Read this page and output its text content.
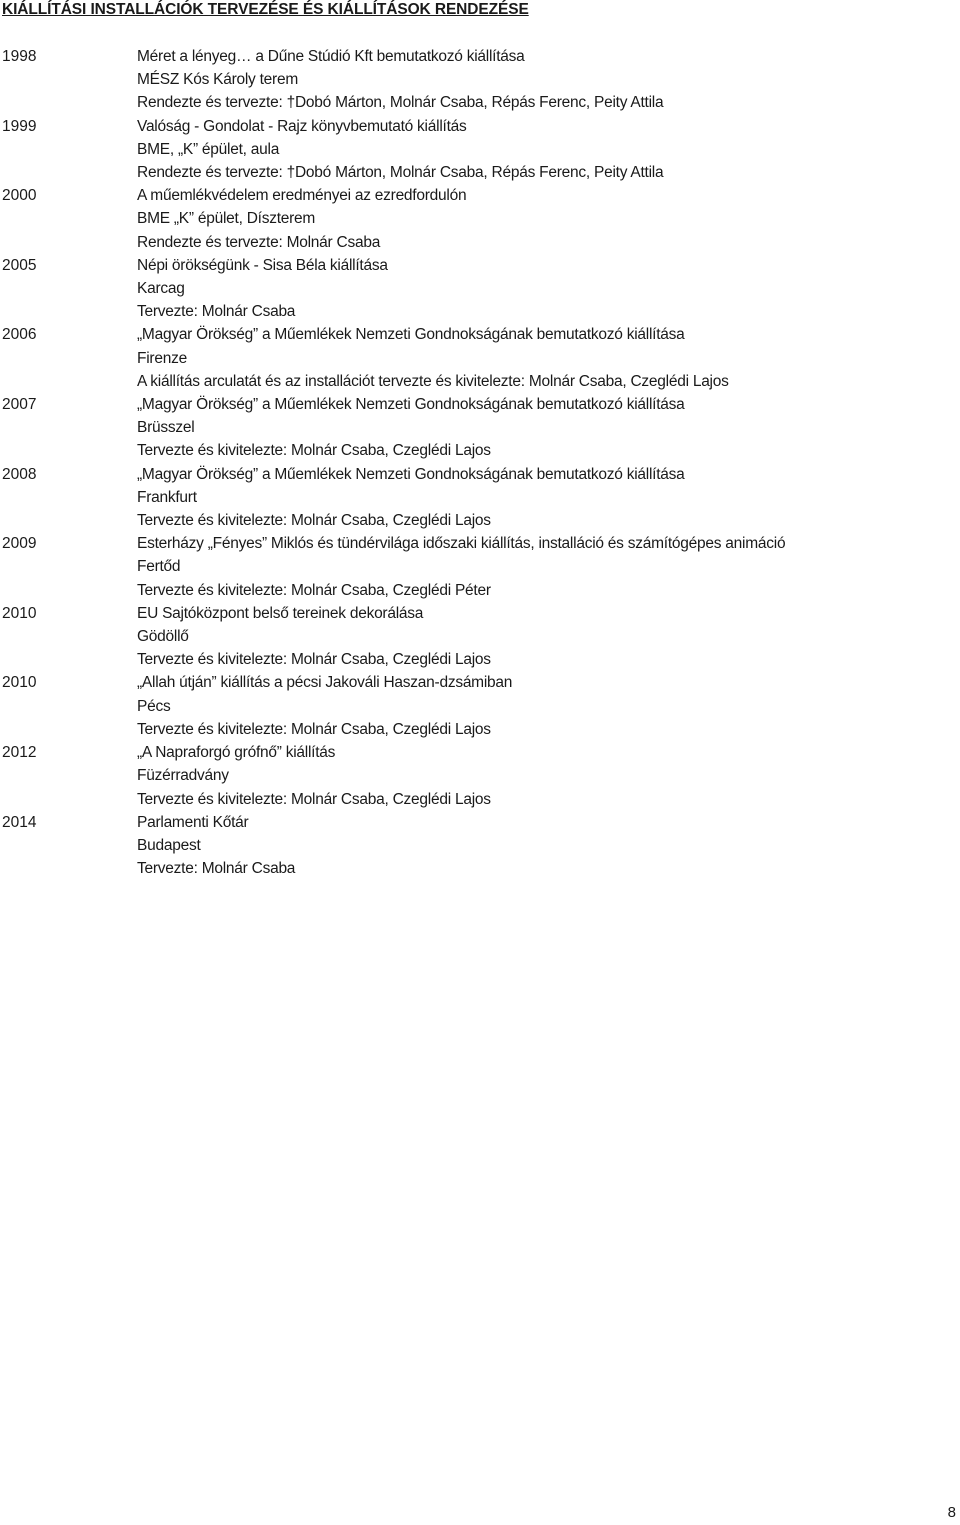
KIÁLLÍTÁSI INSTALLÁCIÓK TERVEZÉSE ÉS KIÁLLÍTÁSOK RENDEZÉSE
1998	Méret a lényeg… a Dűne Stúdió Kft bemutatkozó kiállítása
MÉSZ Kós Károly terem
Rendezte és tervezte: †Dobó Márton, Molnár Csaba, Répás Ferenc, Peity Attila
1999	Valóság - Gondolat - Rajz könyvbemutató kiállítás
BME, „K” épület, aula
Rendezte és tervezte: †Dobó Márton, Molnár Csaba, Répás Ferenc, Peity Attila
2000	A műemlékvédelem eredményei az ezredfordulón
BME „K” épület, Díszterem
Rendezte és tervezte: Molnár Csaba
2005	Népi örökségünk - Sisa Béla kiállítása
Karcag
Tervezte: Molnár Csaba
2006	„Magyar Örökség” a Műemlékek Nemzeti Gondnokságának bemutatkozó kiállítása
Firenze
A kiállítás arculatát és az installációt tervezte és kivitelezte: Molnár Csaba, Czeglédi Lajos
2007	„Magyar Örökség” a Műemlékek Nemzeti Gondnokságának bemutatkozó kiállítása
Brüsszel
Tervezte és kivitelezte: Molnár Csaba, Czeglédi Lajos
2008	„Magyar Örökség” a Műemlékek Nemzeti Gondnokságának bemutatkozó kiállítása
Frankfurt
Tervezte és kivitelezte: Molnár Csaba, Czeglédi Lajos
2009	Esterházy „Fényes” Miklós és tündérvilága időszaki kiállítás, installáció és számítógépes animáció
Fertőd
Tervezte és kivitelezte: Molnár Csaba, Czeglédi Péter
2010	EU Sajtóközpont belső tereinek dekorálása
Gödöllő
Tervezte és kivitelezte: Molnár Csaba, Czeglédi Lajos
2010	„Allah útján” kiállítás a pécsi Jakováli Haszan-dzsámiban
Pécs
Tervezte és kivitelezte: Molnár Csaba, Czeglédi Lajos
2012	„A Napraforgó grófnő” kiállítás
Füzérradvány
Tervezte és kivitelezte: Molnár Csaba, Czeglédi Lajos
2014	Parlamenti Kőtár
Budapest
Tervezte: Molnár Csaba
8
